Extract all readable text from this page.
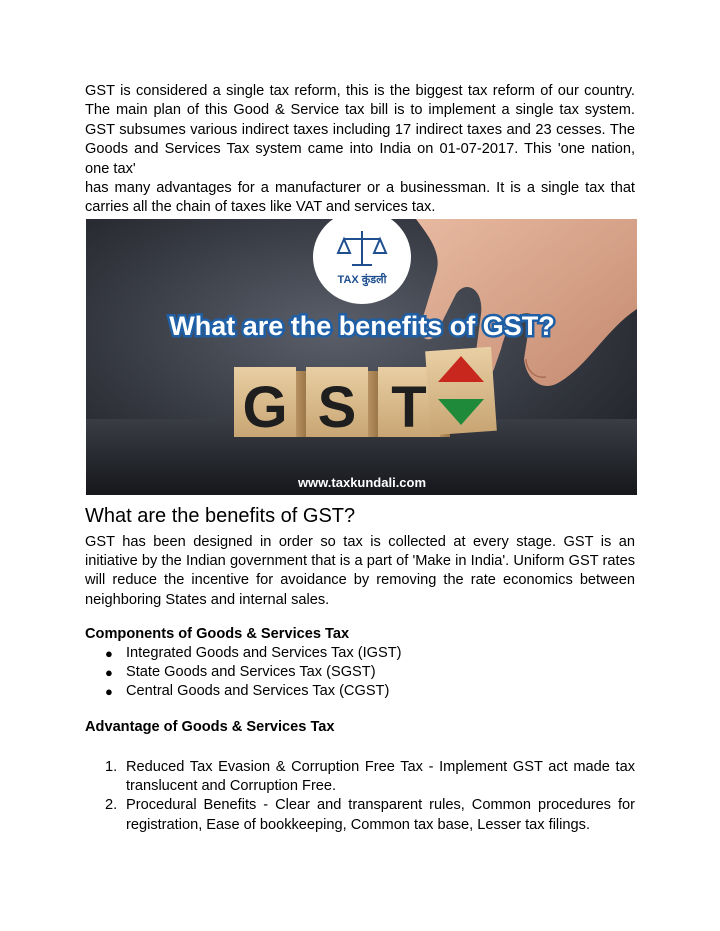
GST is considered a single tax reform, this is the biggest tax reform of our country. The main plan of this Good & Service tax bill is to implement a single tax system. GST subsumes various indirect taxes including 17 indirect taxes and 23 cesses. The Goods and Services Tax system came into India on 01-07-2017. This 'one nation, one tax'
has many advantages for a manufacturer or a businessman. It is a single tax that carries all the chain of taxes like VAT and services tax.

TAX कुंडली
What are the benefits of GST?
G S T
www.taxkundali.com
What are the benefits of GST?

GST has been designed in order so tax is collected at every stage. GST is an initiative by the Indian government that is a part of 'Make in India'. Uniform GST rates will reduce the incentive for avoidance by removing the rate economics between neighboring States and internal sales.

Components of Goods & Services Tax

● Integrated Goods and Services Tax (IGST)
● State Goods and Services Tax (SGST)
● Central Goods and Services Tax (CGST)

Advantage of Goods & Services Tax

1. Reduced Tax Evasion & Corruption Free Tax - Implement GST act made tax translucent and Corruption Free.
2. Procedural Benefits - Clear and transparent rules, Common procedures for registration, Ease of bookkeeping, Common tax base, Lesser tax filings.
